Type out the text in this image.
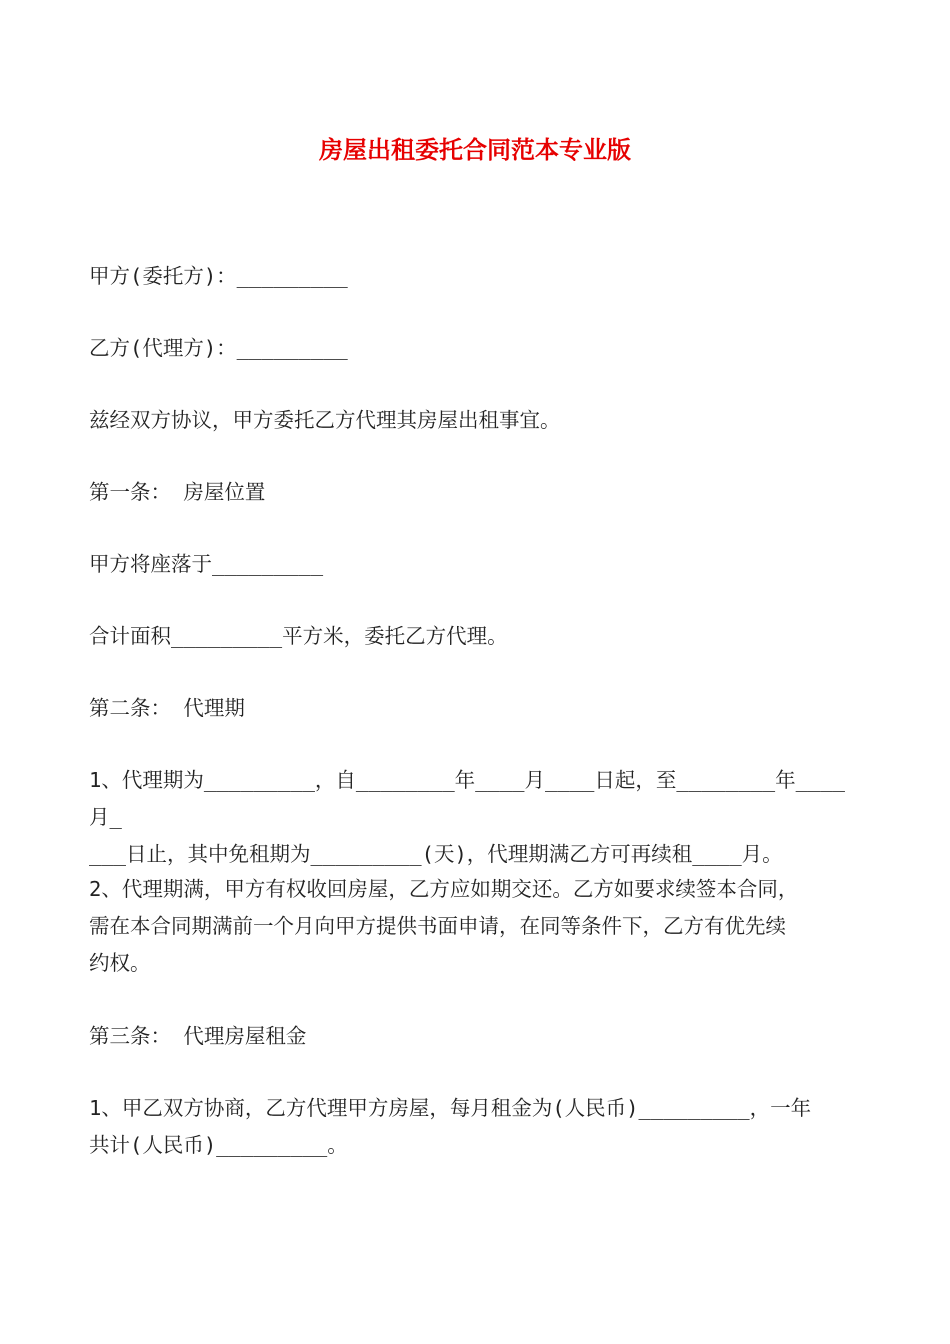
房屋出租委托合同范本专业版

甲方(委托方)：_________

乙方(代理方)：_________

兹经双方协议，甲方委托乙方代理其房屋出租事宜。

第一条： 房屋位置

甲方将座落于_________

合计面积_________平方米，委托乙方代理。

第二条： 代理期

1、代理期为_________，自________年____月____日起，至________年____月_
___日止，其中免租期为_________(天)，代理期满乙方可再续租____月。

2、代理期满，甲方有权收回房屋，乙方应如期交还。乙方如要求续签本合同，
需在本合同期满前一个月向甲方提供书面申请，在同等条件下，乙方有优先续
约权。

第三条： 代理房屋租金

1、甲乙双方协商，乙方代理甲方房屋，每月租金为(人民币)_________，一年
共计(人民币)_________。
